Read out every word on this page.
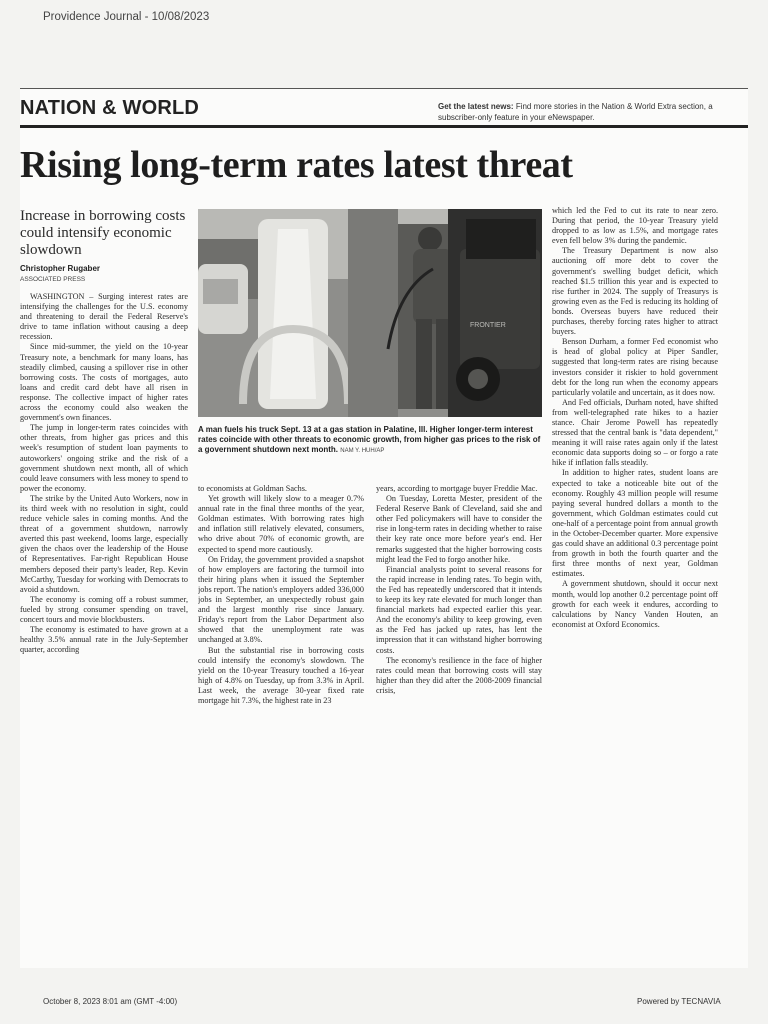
Providence Journal - 10/08/2023
NATION & WORLD	Get the latest news: Find more stories in the Nation & World Extra section, a subscriber-only feature in your eNewspaper.
Rising long-term rates latest threat
Increase in borrowing costs could intensify economic slowdown
Christopher Rugaber
ASSOCIATED PRESS

WASHINGTON – Surging interest rates are intensifying the challenges for the U.S. economy and threatening to derail the Federal Reserve's drive to tame inflation without causing a deep recession.

Since mid-summer, the yield on the 10-year Treasury note, a benchmark for many loans, has steadily climbed, causing a spillover rise in other borrowing costs. The costs of mortgages, auto loans and credit card debt have all risen in response. The collective impact of higher rates across the economy could also weaken the government's own finances.

The jump in longer-term rates coincides with other threats, from higher gas prices and this week's resumption of student loan payments to autoworkers' ongoing strike and the risk of a government shutdown next month, all of which could leave consumers with less money to spend to power the economy.

The strike by the United Auto Workers, now in its third week with no resolution in sight, could reduce vehicle sales in coming months. And the threat of a government shutdown, narrowly averted this past weekend, looms large, especially given the chaos over the leadership of the House of Representatives. Far-right Republican House members deposed their party's leader, Rep. Kevin McCarthy, Tuesday for working with Democrats to avoid a shutdown.

The economy is coming off a robust summer, fueled by strong consumer spending on travel, concert tours and movie blockbusters.

The economy is estimated to have grown at a healthy 3.5% annual rate in the July-September quarter, according

FRONTIER
A man fuels his truck Sept. 13 at a gas station in Palatine, Ill. Higher longer-term interest rates coincide with other threats to economic growth, from higher gas prices to the risk of a government shutdown next month. NAM Y. HUH/AP

to economists at Goldman Sachs.

Yet growth will likely slow to a meager 0.7% annual rate in the final three months of the year, Goldman estimates. With borrowing rates high and inflation still relatively elevated, consumers, who drive about 70% of economic growth, are expected to spend more cautiously.

On Friday, the government provided a snapshot of how employers are factoring the turmoil into their hiring plans when it issued the September jobs report. The nation's employers added 336,000 jobs in September, an unexpectedly robust gain and the largest monthly rise since January. Friday's report from the Labor Department also showed that the unemployment rate was unchanged at 3.8%.

But the substantial rise in borrowing costs could intensify the economy's slowdown. The yield on the 10-year Treasury touched a 16-year high of 4.8% on Tuesday, up from 3.3% in April. Last week, the average 30-year fixed rate mortgage hit 7.3%, the highest rate in 23

years, according to mortgage buyer Freddie Mac.

On Tuesday, Loretta Mester, president of the Federal Reserve Bank of Cleveland, said she and other Fed policymakers will have to consider the rise in long-term rates in deciding whether to raise their key rate once more before year's end. Her remarks suggested that the higher borrowing costs might lead the Fed to forgo another hike.

Financial analysts point to several reasons for the rapid increase in lending rates. To begin with, the Fed has repeatedly underscored that it intends to keep its key rate elevated for much longer than financial markets had expected earlier this year. And the economy's ability to keep growing, even as the Fed has jacked up rates, has lent the impression that it can withstand higher borrowing costs.

The economy's resilience in the face of higher rates could mean that borrowing costs will stay higher than they did after the 2008-2009 financial crisis,

which led the Fed to cut its rate to near zero. During that period, the 10-year Treasury yield dropped to as low as 1.5%, and mortgage rates even fell below 3% during the pandemic.

The Treasury Department is now also auctioning off more debt to cover the government's swelling budget deficit, which reached $1.5 trillion this year and is expected to rise further in 2024. The supply of Treasurys is growing even as the Fed is reducing its holding of bonds. Overseas buyers have reduced their purchases, thereby forcing rates higher to attract buyers.

Benson Durham, a former Fed economist who is head of global policy at Piper Sandler, suggested that long-term rates are rising because investors consider it riskier to hold government debt for the long run when the economy appears particularly volatile and uncertain, as it does now.

And Fed officials, Durham noted, have shifted from well-telegraphed rate hikes to a hazier stance. Chair Jerome Powell has repeatedly stressed that the central bank is "data dependent," meaning it will raise rates again only if the latest economic data supports doing so – or forgo a rate hike if inflation falls steadily.

In addition to higher rates, student loans are expected to take a noticeable bite out of the economy. Roughly 43 million people will resume paying several hundred dollars a month to the government, which Goldman estimates could cut one-half of a percentage point from annual growth in the October-December quarter. More expensive gas could shave an additional 0.3 percentage point from growth in both the fourth quarter and the first three months of next year, Goldman estimates.

A government shutdown, should it occur next month, would lop another 0.2 percentage point off growth for each week it endures, according to calculations by Nancy Vanden Houten, an economist at Oxford Economics.

October 8, 2023 8:01 am (GMT -4:00)	Powered by TECNAVIA
